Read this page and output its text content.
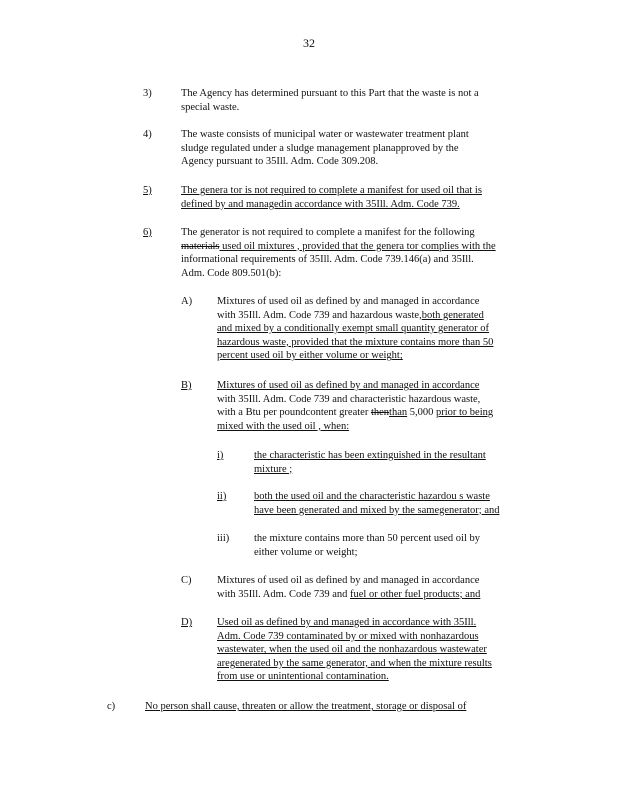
32
3)	The Agency has determined pursuant to this Part that the waste is not a
special waste.
4)	The waste consists of municipal water or wastewater treatment plant
sludge regulated under a sludge management planapproved by the
Agency pursuant to 35Ill. Adm. Code 309.208.
5)	The genera tor is not required to complete a manifest for used oil that is
defined by and managedin accordance with 35Ill. Adm. Code 739.
6)	The generator is not required to complete a manifest for the following
materials used oil mixtures , provided that the genera tor complies with the
informational requirements of 35Ill. Adm. Code 739.146(a) and 35Ill.
Adm. Code 809.501(b):
A) Mixtures of used oil as defined by and managed in accordance
with 35Ill. Adm. Code 739 and hazardous waste,both generated
and mixed by a conditionally exempt small quantity generator of
hazardous waste, provided that the mixture contains more than 50
percent used oil by either volume or weight;
B) Mixtures of used oil as defined by and managed in accordance
with 35Ill. Adm. Code 739 and characteristic hazardous waste,
with a Btu per poundcontent greater thenthan 5,000 prior to being
mixed with the used oil , when:
i)	the characteristic has been extinguished in the resultant
mixture ;
ii)	both the used oil and the characteristic hazardou s waste
have been generated and mixed by the samegenerator; and
iii) the mixture contains more than 50 percent used oil by
either volume or weight;
C) Mixtures of used oil as defined by and managed in accordance
with 35Ill. Adm. Code 739 and fuel or other fuel products; and
D) Used oil as defined by and managed in accordance with 35Ill.
Adm. Code 739 contaminated by or mixed with nonhazardous
wastewater, when the used oil and the nonhazardous wastewater
aregenerated by the same generator, and when the mixture results
from use or unintentional contamination.
c)	No person shall cause, threaten or allow the treatment, storage or disposal of
